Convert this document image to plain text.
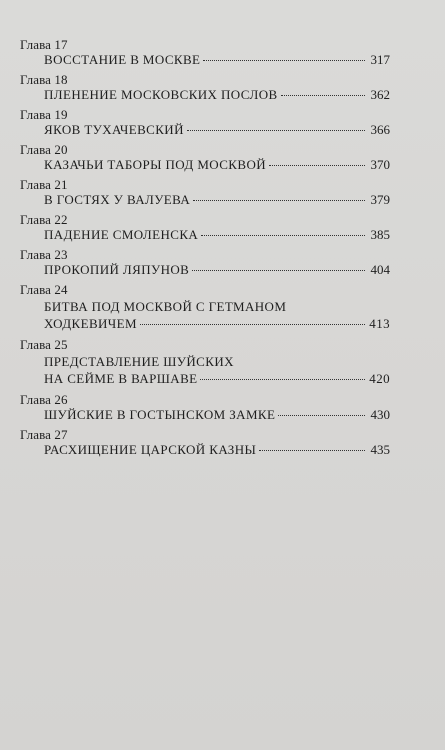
Глава 17
ВОССТАНИЕ В МОСКВЕ	317
Глава 18
ПЛЕНЕНИЕ МОСКОВСКИХ ПОСЛОВ	362
Глава 19
ЯКОВ ТУХАЧЕВСКИЙ	366
Глава 20
КАЗАЧЬИ ТАБОРЫ ПОД МОСКВОЙ	370
Глава 21
В ГОСТЯХ У ВАЛУЕВА	379
Глава 22
ПАДЕНИЕ СМОЛЕНСКА	385
Глава 23
ПРОКОПИЙ ЛЯПУНОВ	404
Глава 24
БИТВА ПОД МОСКВОЙ С ГЕТМАНОМ
ХОДКЕВИЧЕМ	413
Глава 25
ПРЕДСТАВЛЕНИЕ ШУЙСКИХ
НА СЕЙМЕ В ВАРШАВЕ	420
Глава 26
ШУЙСКИЕ В ГОСТЫНСКОМ ЗАМКЕ	430
Глава 27
РАСХИЩЕНИЕ ЦАРСКОЙ КАЗНЫ	435
